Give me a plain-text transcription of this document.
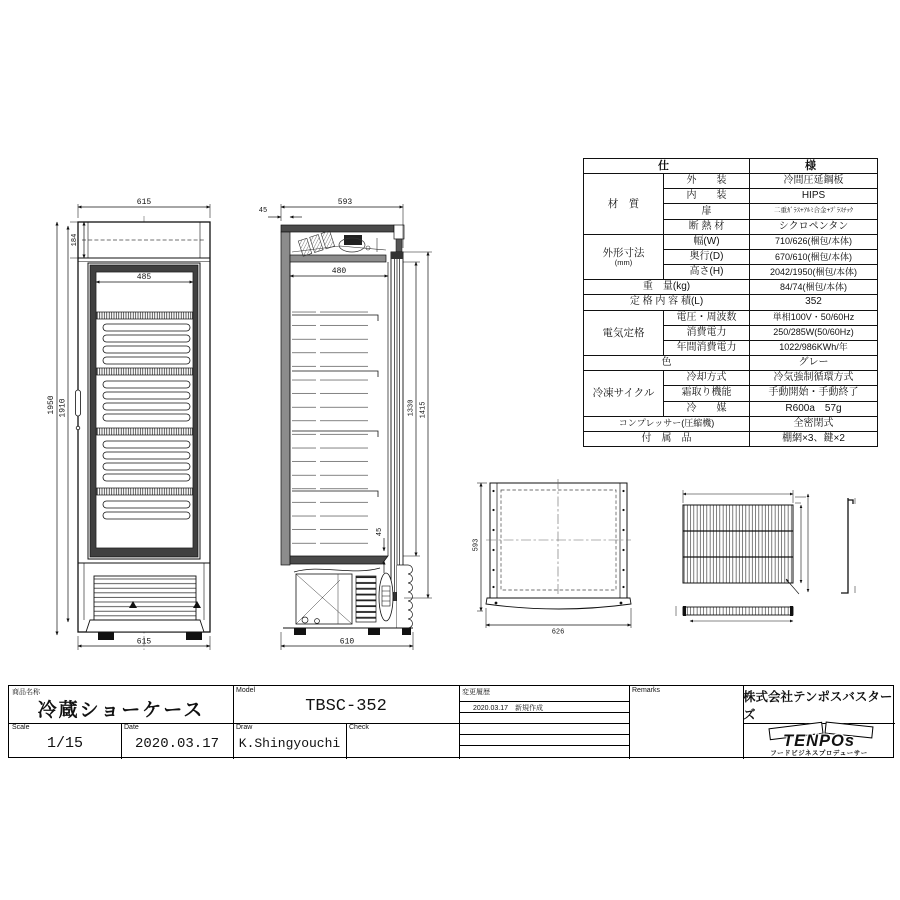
615
184
485
1950 1910
615
593
45
480
1330 1415
45
610
593
626
仕		様
材　質	外　　装	冷間圧延鋼板
	内　　装	HIPS
	扉	二重ｶﾞﾗｽ+ｱﾙﾐ合金+ﾌﾟﾗｽﾁｯｸ
	断 熱 材	シクロペンタン

外形寸法
(mm)	幅(W)	710/626(梱包/本体)
	奥行(D)	670/610(梱包/本体)
	高さ(H)	2042/1950(梱包/本体)
重　量(kg)		84/74(梱包/本体)
定 格 内 容 積(L)		352
電気定格	電圧・周波数	単相100V・50/60Hz
	消費電力	250/285W(50/60Hz)
	年間消費電力	1022/986KWh/年
色		グレー
冷凍サイクル	冷却方式	冷気強制循環方式
	霜取り機能	手動開始・手動終了
	冷　　媒	R600a　57g
コンプレッサー(圧縮機)		全密閉式
付　属　品		棚網×3、鍵×2
商品名称
冷蔵ショーケース
Model
TBSC-352
Scale
1/15
Date
2020.03.17
Draw
K.Shingyouchi
Check
変更履歴
2020.03.17　新規作成
Remarks	株式会社テンポスバスターズ
TENPOs
フードビジネスプロデューサー
